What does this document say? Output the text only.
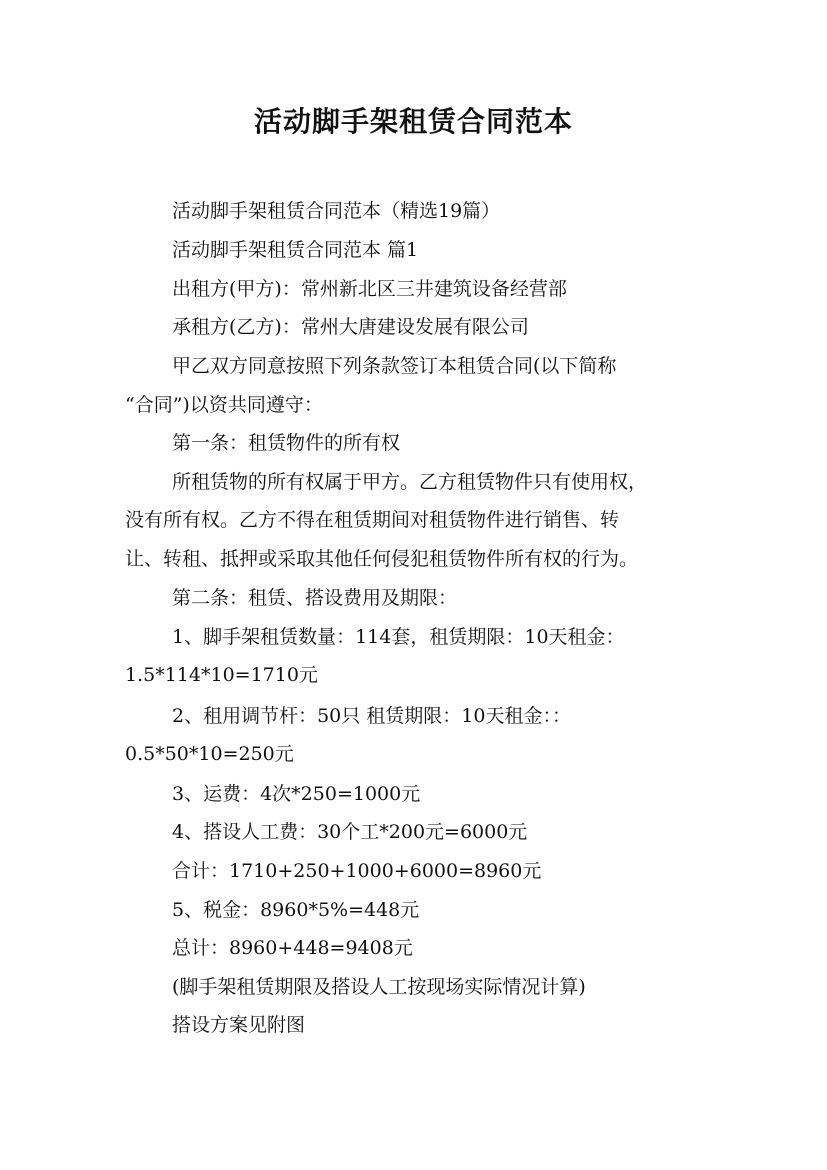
活动脚手架租赁合同范本
活动脚手架租赁合同范本（精选19篇）
活动脚手架租赁合同范本 篇1
出租方(甲方)：常州新北区三井建筑设备经营部
承租方(乙方)：常州大唐建设发展有限公司
甲乙双方同意按照下列条款签订本租赁合同(以下简称
“合同”)以资共同遵守：
第一条：租赁物件的所有权
所租赁物的所有权属于甲方。乙方租赁物件只有使用权，
没有所有权。乙方不得在租赁期间对租赁物件进行销售、转
让、转租、抵押或采取其他任何侵犯租赁物件所有权的行为。
第二条：租赁、搭设费用及期限：
1、脚手架租赁数量：114套，租赁期限：10天租金：
1.5*114*10=1710元
2、租用调节杆：50只 租赁期限：10天租金：：
0.5*50*10=250元
3、运费：4次*250=1000元
4、搭设人工费：30个工*200元=6000元
合计：1710+250+1000+6000=8960元
5、税金：8960*5%=448元
总计：8960+448=9408元
(脚手架租赁期限及搭设人工按现场实际情况计算)
搭设方案见附图
